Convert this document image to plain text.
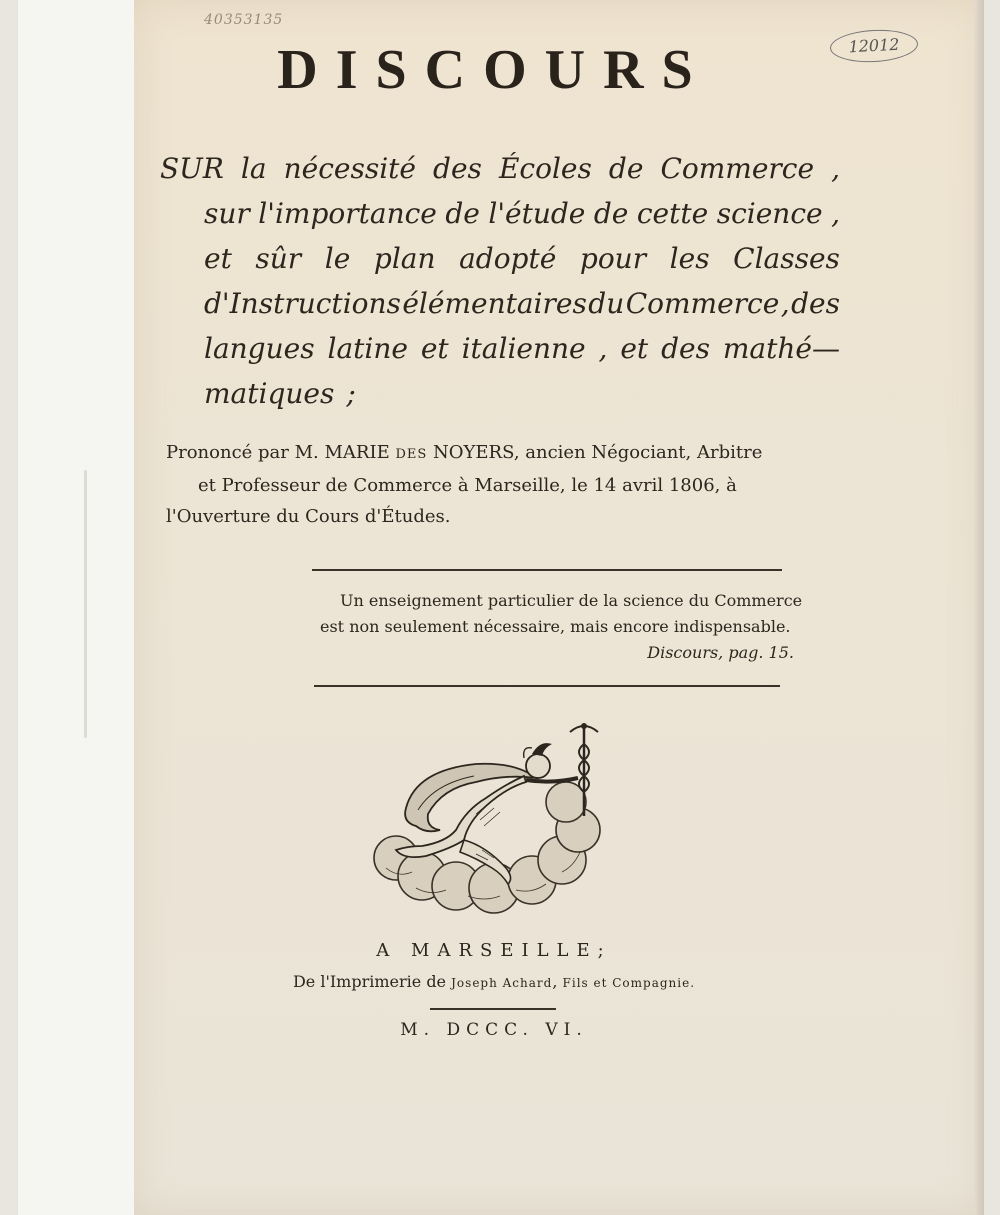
40353135
12012
DISCOURS
SUR la nécessité des Écoles de Commerce ,
sur l'importance de l'étude de cette science ,
et sûr le plan adopté pour les Classes
d'Instructions élémentaires du Commerce , des
langues latine et italienne , et des mathé—
matiques ;
Prononcé par M. MARIE DES NOYERS, ancien Négociant, Arbitre
et Professeur de Commerce à Marseille, le 14 avril 1806, à
l'Ouverture du Cours d'Études.
Un enseignement particulier de la science du Commerce
est non seulement nécessaire, mais encore indispensable.
Discours, pag. 15.
A MARSEILLE;
De l'Imprimerie de Joseph Achard, Fils et Compagnie.
M. DCCC. VI.
